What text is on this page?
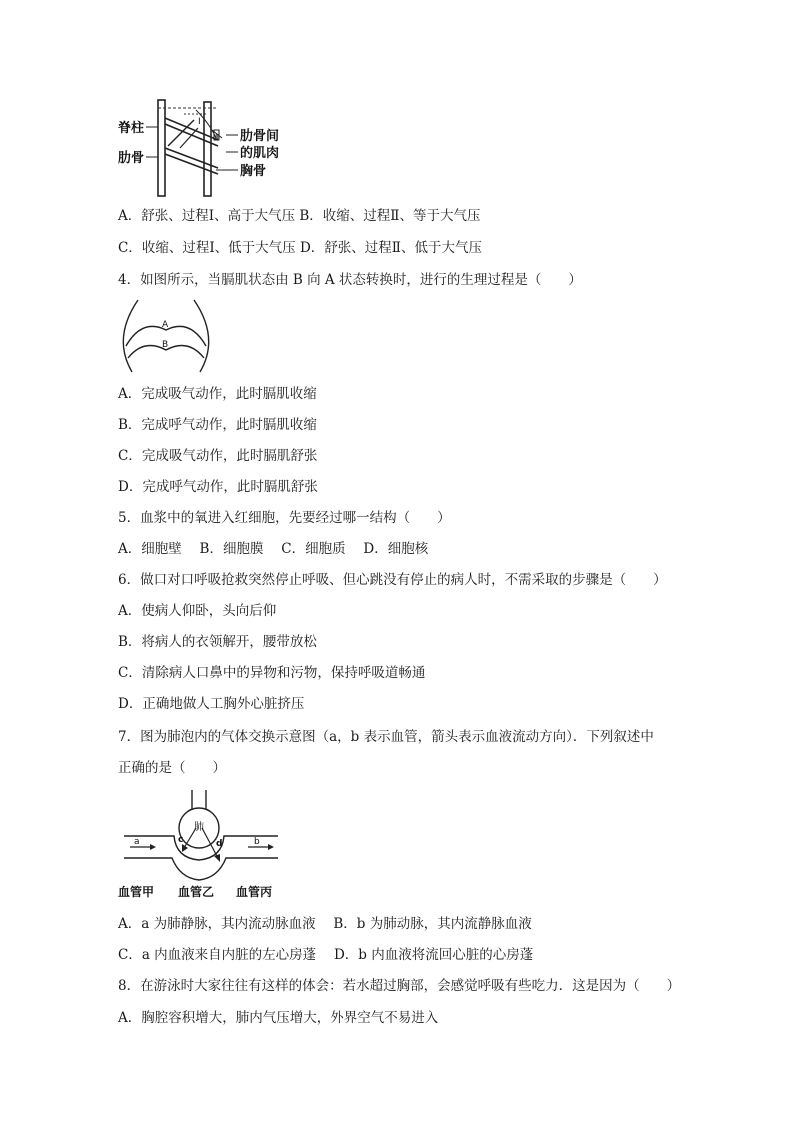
脊柱
肋骨
肋骨间
的肌肉
胸骨
Ⅰ
Ⅱ
A．舒张、过程Ⅰ、高于大气压 B．收缩、过程Ⅱ、等于大气压
C．收缩、过程Ⅰ、低于大气压 D．舒张、过程Ⅱ、低于大气压
4．如图所示，当膈肌状态由 B 向 A 状态转换时，进行的生理过程是（　　）
A
B
A．完成吸气动作，此时膈肌收缩
B．完成呼气动作，此时膈肌收缩
C．完成吸气动作，此时膈肌舒张
D．完成呼气动作，此时膈肌舒张
5．血浆中的氧进入红细胞，先要经过哪一结构（　　）
A．细胞壁　 B．细胞膜　 C．细胞质　 D．细胞核
6．做口对口呼吸抢救突然停止呼吸、但心跳没有停止的病人时，不需采取的步骤是（　　）
A．使病人仰卧，头向后仰
B．将病人的衣领解开，腰带放松
C．清除病人口鼻中的异物和污物，保持呼吸道畅通
D．正确地做人工胸外心脏挤压
7．图为肺泡内的气体交换示意图（a，b 表示血管，箭头表示血液流动方向）．下列叙述中
正确的是（　　）
肺
a	b
c	d
血管甲 血管乙 血管丙
A．a 为肺静脉，其内流动脉血液　 B．b 为肺动脉，其内流静脉血液
C．a 内血液来自内脏的左心房蓬　 D．b 内血液将流回心脏的心房蓬
8．在游泳时大家往往有这样的体会：若水超过胸部，会感觉呼吸有些吃力．这是因为（　　）
A．胸腔容积增大，肺内气压增大，外界空气不易进入
